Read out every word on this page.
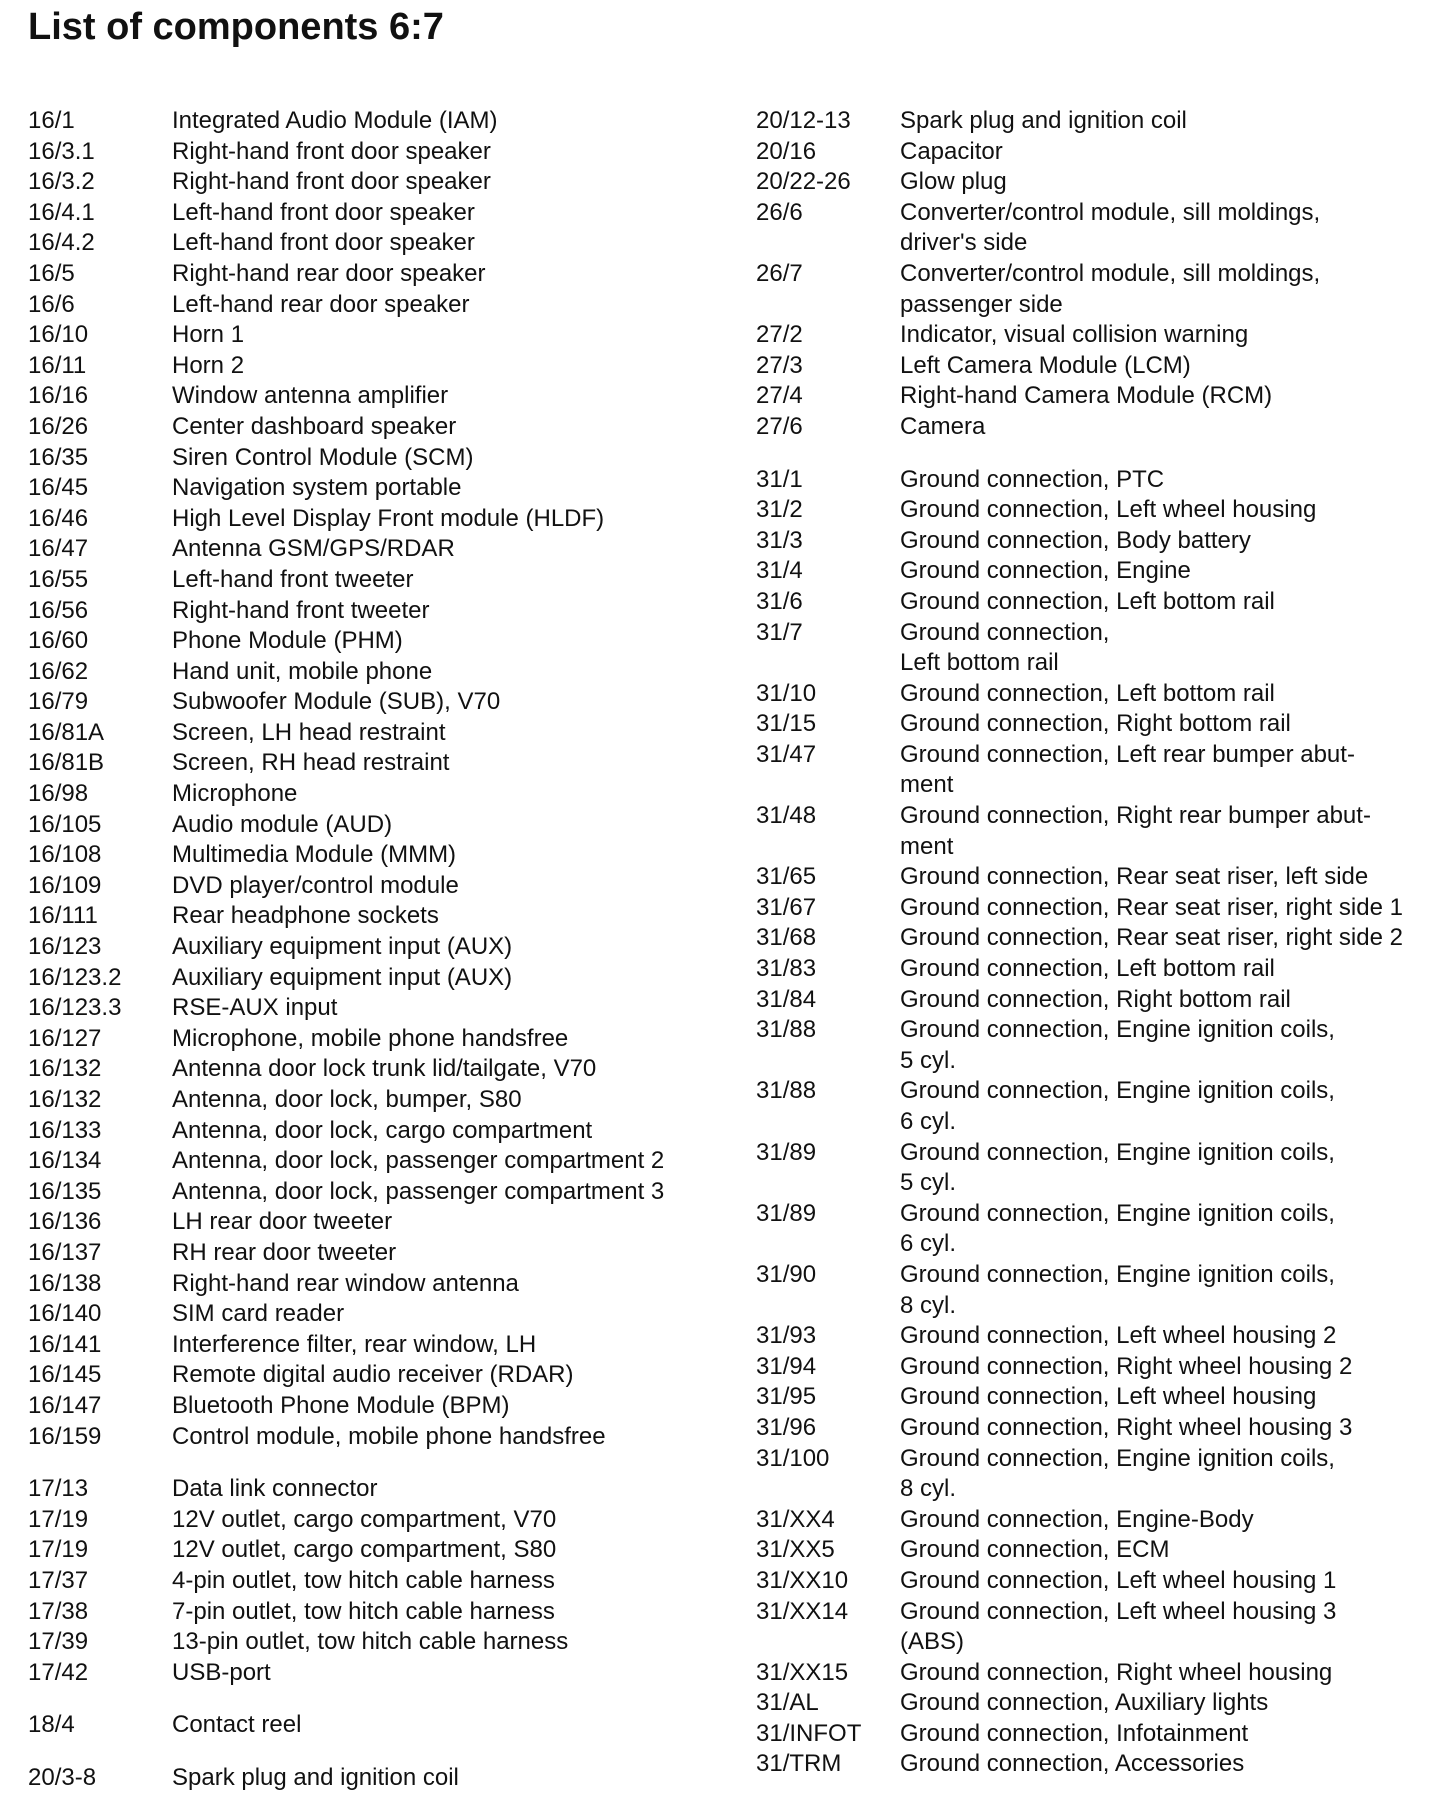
List of components 6:7
16/1	Integrated Audio Module (IAM)
16/3.1	Right-hand front door speaker
16/3.2	Right-hand front door speaker
16/4.1	Left-hand front door speaker
16/4.2	Left-hand front door speaker
16/5	Right-hand rear door speaker
16/6	Left-hand rear door speaker
16/10	Horn 1
16/11	Horn 2
16/16	Window antenna amplifier
16/26	Center dashboard speaker
16/35	Siren Control Module (SCM)
16/45	Navigation system portable
16/46	High Level Display Front module (HLDF)
16/47	Antenna GSM/GPS/RDAR
16/55	Left-hand front tweeter
16/56	Right-hand front tweeter
16/60	Phone Module (PHM)
16/62	Hand unit, mobile phone
16/79	Subwoofer Module (SUB), V70
16/81A	Screen, LH head restraint
16/81B	Screen, RH head restraint
16/98	Microphone
16/105	Audio module (AUD)
16/108	Multimedia Module (MMM)
16/109	DVD player/control module
16/111	Rear headphone sockets
16/123	Auxiliary equipment input (AUX)
16/123.2	Auxiliary equipment input (AUX)
16/123.3	RSE-AUX input
16/127	Microphone, mobile phone handsfree
16/132	Antenna door lock trunk lid/tailgate, V70
16/132	Antenna, door lock, bumper, S80
16/133	Antenna, door lock, cargo compartment
16/134	Antenna, door lock, passenger compartment 2
16/135	Antenna, door lock, passenger compartment 3
16/136	LH rear door tweeter
16/137	RH rear door tweeter
16/138	Right-hand rear window antenna
16/140	SIM card reader
16/141	Interference filter, rear window, LH
16/145	Remote digital audio receiver (RDAR)
16/147	Bluetooth Phone Module (BPM)
16/159	Control module, mobile phone handsfree
17/13	Data link connector
17/19	12V outlet, cargo compartment, V70
17/19	12V outlet, cargo compartment, S80
17/37	4-pin outlet, tow hitch cable harness
17/38	7-pin outlet, tow hitch cable harness
17/39	13-pin outlet, tow hitch cable harness
17/42	USB-port
18/4	Contact reel
20/3-8	Spark plug and ignition coil
20/12-13	Spark plug and ignition coil
20/16	Capacitor
20/22-26	Glow plug
26/6	Converter/control module, sill moldings,
driver's side
26/7	Converter/control module, sill moldings,
passenger side
27/2	Indicator, visual collision warning
27/3	Left Camera Module (LCM)
27/4	Right-hand Camera Module (RCM)
27/6	Camera
31/1	Ground connection, PTC
31/2	Ground connection, Left wheel housing
31/3	Ground connection, Body battery
31/4	Ground connection, Engine
31/6	Ground connection, Left bottom rail
31/7	Ground connection,
Left bottom rail
31/10	Ground connection, Left bottom rail
31/15	Ground connection, Right bottom rail
31/47	Ground connection, Left rear bumper abut-
ment
31/48	Ground connection, Right rear bumper abut-
ment
31/65	Ground connection, Rear seat riser, left side
31/67	Ground connection, Rear seat riser, right side 1
31/68	Ground connection, Rear seat riser, right side 2
31/83	Ground connection, Left bottom rail
31/84	Ground connection, Right bottom rail
31/88	Ground connection, Engine ignition coils,
5 cyl.
31/88	Ground connection, Engine ignition coils,
6 cyl.
31/89	Ground connection, Engine ignition coils,
5 cyl.
31/89	Ground connection, Engine ignition coils,
6 cyl.
31/90	Ground connection, Engine ignition coils,
8 cyl.
31/93	Ground connection, Left wheel housing 2
31/94	Ground connection, Right wheel housing 2
31/95	Ground connection, Left wheel housing
31/96	Ground connection, Right wheel housing 3
31/100	Ground connection, Engine ignition coils,
8 cyl.
31/XX4	Ground connection, Engine-Body
31/XX5	Ground connection, ECM
31/XX10	Ground connection, Left wheel housing 1
31/XX14	Ground connection, Left wheel housing 3
(ABS)
31/XX15	Ground connection, Right wheel housing
31/AL	Ground connection, Auxiliary lights
31/INFOT	Ground connection, Infotainment
31/TRM	Ground connection, Accessories
